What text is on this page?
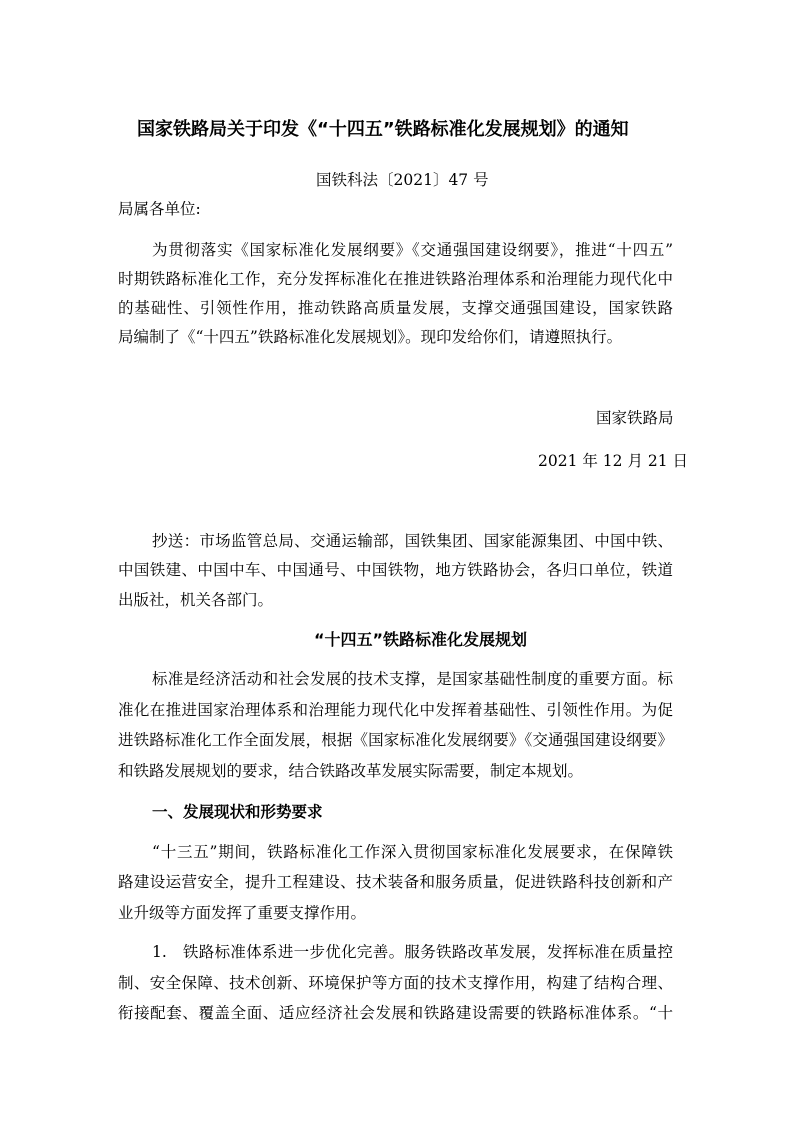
国家铁路局关于印发《“十四五”铁路标准化发展规划》的通知
国铁科法〔2021〕47 号
局属各单位:
为贯彻落实《国家标准化发展纲要》《交通强国建设纲要》，推进“十四五”
时期铁路标准化工作，充分发挥标准化在推进铁路治理体系和治理能力现代化中
的基础性、引领性作用，推动铁路高质量发展，支撑交通强国建设，国家铁路
局编制了《“十四五”铁路标准化发展规划》。现印发给你们，请遵照执行。
国家铁路局
2021 年 12 月 21 日
抄送：市场监管总局、交通运输部，国铁集团、国家能源集团、中国中铁、
中国铁建、中国中车、中国通号、中国铁物，地方铁路协会，各归口单位，铁道
出版社，机关各部门。
“十四五”铁路标准化发展规划
标准是经济活动和社会发展的技术支撑，是国家基础性制度的重要方面。标
准化在推进国家治理体系和治理能力现代化中发挥着基础性、引领性作用。为促
进铁路标准化工作全面发展，根据《国家标准化发展纲要》《交通强国建设纲要》
和铁路发展规划的要求，结合铁路改革发展实际需要，制定本规划。
一、发展现状和形势要求
“十三五”期间，铁路标准化工作深入贯彻国家标准化发展要求，在保障铁
路建设运营安全，提升工程建设、技术装备和服务质量，促进铁路科技创新和产
业升级等方面发挥了重要支撑作用。
1.　铁路标准体系进一步优化完善。服务铁路改革发展，发挥标准在质量控
制、安全保障、技术创新、环境保护等方面的技术支撑作用，构建了结构合理、
衔接配套、覆盖全面、适应经济社会发展和铁路建设需要的铁路标准体系。“十
